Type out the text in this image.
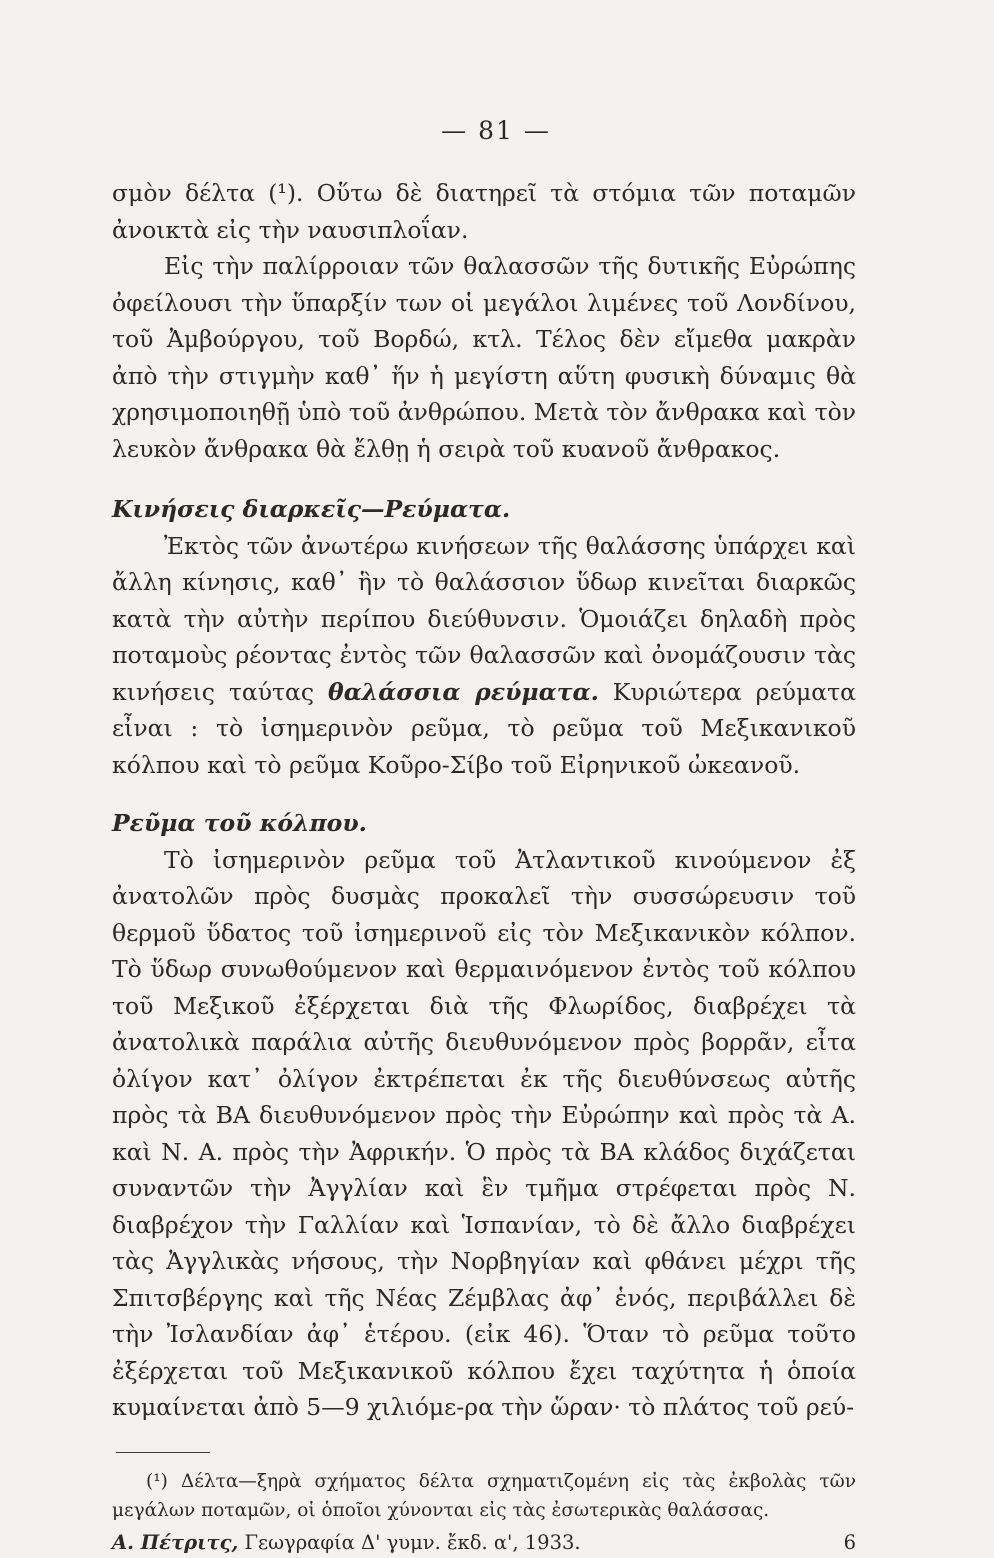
— 81 —

σμὸν δέλτα (¹). Οὕτω δὲ διατηρεῖ τὰ στόμια τῶν ποταμῶν ἀνοικτὰ εἰς τὴν ναυσιπλοΐαν.

Εἰς τὴν παλίρροιαν τῶν θαλασσῶν τῆς δυτικῆς Εὐρώπης ὀφείλουσι τὴν ὕπαρξίν των οἱ μεγάλοι λιμένες τοῦ Λονδίνου, τοῦ Ἀμβούργου, τοῦ Βορδώ, κτλ. Τέλος δὲν εἴμεθα μακρὰν ἀπὸ τὴν στιγμὴν καθ᾽ ἥν ἡ μεγίστη αὕτη φυσικὴ δύναμις θὰ χρησιμοποιηθῇ ὑπὸ τοῦ ἀνθρώπου. Μετὰ τὸν ἄνθρακα καὶ τὸν λευκὸν ἄνθρακα θὰ ἔλθῃ ἡ σειρὰ τοῦ κυανοῦ ἄνθρακος.

Κινήσεις διαρκεῖς—Ρεύματα.

Ἐκτὸς τῶν ἀνωτέρω κινήσεων τῆς θαλάσσης ὑπάρχει καὶ ἄλλη κίνησις, καθ᾽ ἣν τὸ θαλάσσιον ὕδωρ κινεῖται διαρκῶς κατὰ τὴν αὐτὴν περίπου διεύθυνσιν. Ὁμοιάζει δηλαδὴ πρὸς ποταμοὺς ρέοντας ἐντὸς τῶν θαλασσῶν καὶ ὀνομάζουσιν τὰς κινήσεις ταύτας θαλάσσια ρεύματα. Κυριώτερα ρεύματα εἶναι : τὸ ἰσημερινὸν ρεῦμα, τὸ ρεῦμα τοῦ Μεξικανικοῦ κόλπου καὶ τὸ ρεῦμα Κοῦρο-Σίβο τοῦ Εἰρηνικοῦ ὠκεανοῦ.

Ρεῦμα τοῦ κόλπου.

Τὸ ἰσημερινὸν ρεῦμα τοῦ Ἀτλαντικοῦ κινούμενον ἐξ ἀνατολῶν πρὸς δυσμὰς προκαλεῖ τὴν συσσώρευσιν τοῦ θερμοῦ ὕδατος τοῦ ἰσημερινοῦ εἰς τὸν Μεξικανικὸν κόλπον. Τὸ ὕδωρ συνωθούμενον καὶ θερμαινόμενον ἐντὸς τοῦ κόλπου τοῦ Μεξικοῦ ἐξέρχεται διὰ τῆς Φλωρίδος, διαβρέχει τὰ ἀνατολικὰ παράλια αὐτῆς διευθυνόμενον πρὸς βορρᾶν, εἶτα ὀλίγον κατ᾽ ὀλίγον ἐκτρέπεται ἐκ τῆς διευθύνσεως αὐτῆς πρὸς τὰ ΒΑ διευθυνόμενον πρὸς τὴν Εὐρώπην καὶ πρὸς τὰ Α. καὶ Ν. Α. πρὸς τὴν Ἀφρικήν. Ὁ πρὸς τὰ ΒΑ κλάδος διχάζεται συναντῶν τὴν Ἀγγλίαν καὶ ἓν τμῆμα στρέφεται πρὸς Ν. διαβρέχον τὴν Γαλλίαν καὶ Ἱσπανίαν, τὸ δὲ ἄλλο διαβρέχει τὰς Ἀγγλικὰς νήσους, τὴν Νορβηγίαν καὶ φθάνει μέχρι τῆς Σπιτσβέργης καὶ τῆς Νέας Ζέμβλας ἀφ᾽ ἑνός, περιβάλλει δὲ τὴν Ἰσλανδίαν ἀφ᾽ ἑτέρου. (εἰκ 46). Ὅταν τὸ ρεῦμα τοῦτο ἐξέρχεται τοῦ Μεξικανικοῦ κόλπου ἔχει ταχύτητα ἡ ὁποία κυμαίνεται ἀπὸ 5—9 χιλιόμε-ρα τὴν ὥραν· τὸ πλάτος τοῦ ρεύ-

(¹) Δέλτα—ξηρὰ σχήματος δέλτα σχηματιζομένη εἰς τὰς ἐκβολὰς τῶν μεγάλων ποταμῶν, οἱ ὁποῖοι χύνονται εἰς τὰς ἐσωτερικὰς θαλάσσας.

Α. Πέτριτς, Γεωγραφία Δ' γυμν. ἔκδ. α', 1933.	6
